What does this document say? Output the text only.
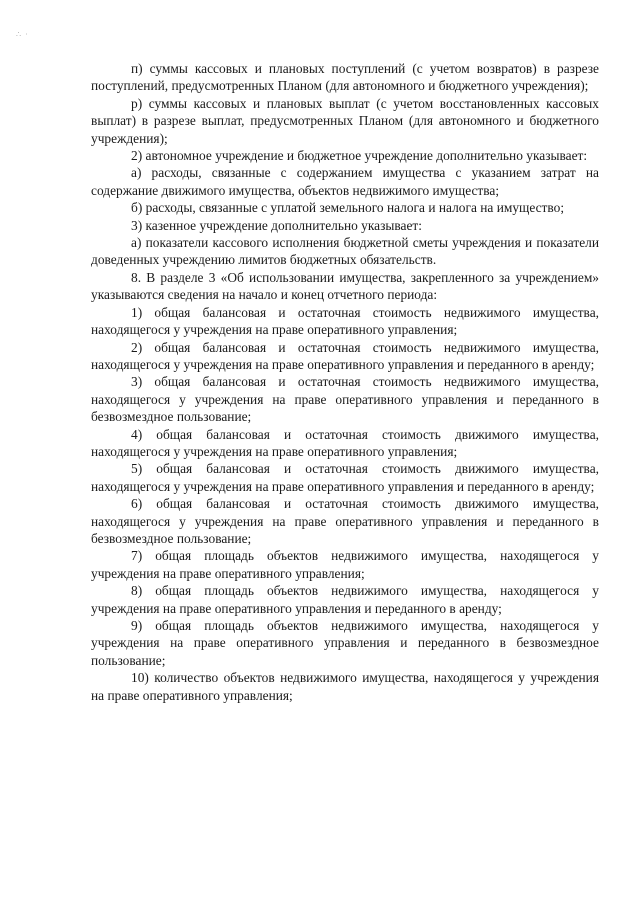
∴ ·

п) суммы кассовых и плановых поступлений (с учетом возвратов) в разрезе поступлений, предусмотренных Планом (для автономного и бюджетного учреждения);

р) суммы кассовых и плановых выплат (с учетом восстановленных кассовых выплат) в разрезе выплат, предусмотренных Планом (для автономного и бюджетного учреждения);

2) автономное учреждение и бюджетное учреждение дополнительно указывает:

а) расходы, связанные с содержанием имущества с указанием затрат на содержание движимого имущества, объектов недвижимого имущества;

б) расходы, связанные с уплатой земельного налога и налога на имущество;

3) казенное учреждение дополнительно указывает:

а) показатели кассового исполнения бюджетной сметы учреждения и показатели доведенных учреждению лимитов бюджетных обязательств.

8. В разделе 3 «Об использовании имущества, закрепленного за учреждением» указываются сведения на начало и конец отчетного периода:

1) общая балансовая и остаточная стоимость недвижимого имущества, находящегося у учреждения на праве оперативного управления;

2) общая балансовая и остаточная стоимость недвижимого имущества, находящегося у учреждения на праве оперативного управления и переданного в аренду;

3) общая балансовая и остаточная стоимость недвижимого имущества, находящегося у учреждения на праве оперативного управления и переданного в безвозмездное пользование;

4) общая балансовая и остаточная стоимость движимого имущества, находящегося у учреждения на праве оперативного управления;

5) общая балансовая и остаточная стоимость движимого имущества, находящегося у учреждения на праве оперативного управления и переданного в аренду;

6) общая балансовая и остаточная стоимость движимого имущества, находящегося у учреждения на праве оперативного управления и переданного в безвозмездное пользование;

7) общая площадь объектов недвижимого имущества, находящегося у учреждения на праве оперативного управления;

8) общая площадь объектов недвижимого имущества, находящегося у учреждения на праве оперативного управления и переданного в аренду;

9) общая площадь объектов недвижимого имущества, находящегося у учреждения на праве оперативного управления и переданного в безвозмездное пользование;

10) количество объектов недвижимого имущества, находящегося у учреждения на праве оперативного управления;
